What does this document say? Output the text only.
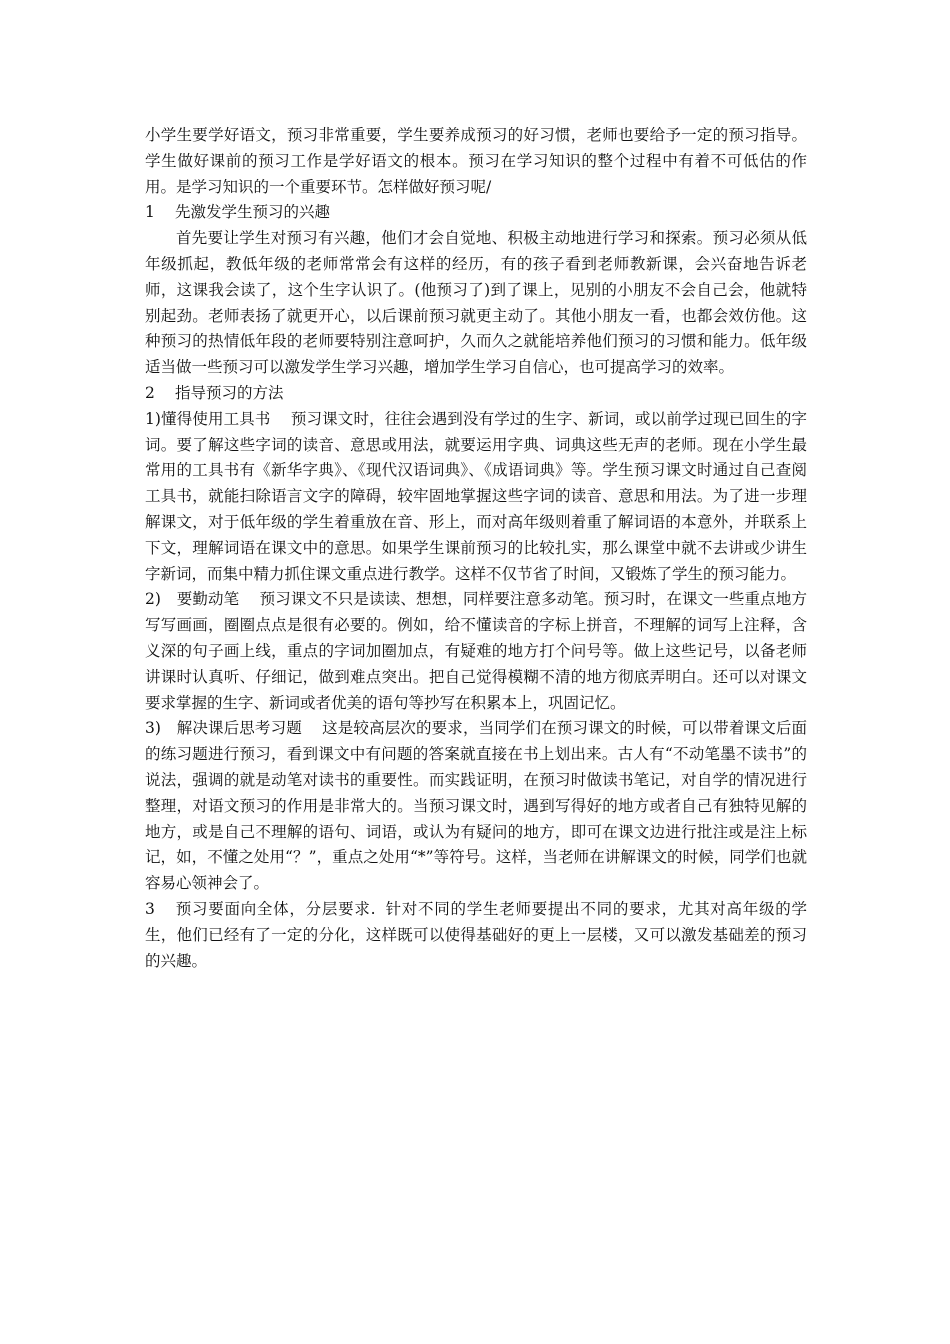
小学生要学好语文，预习非常重要，学生要养成预习的好习惯，老师也要给予一定的预习指导。学生做好课前的预习工作是学好语文的根本。预习在学习知识的整个过程中有着不可低估的作用。是学习知识的一个重要环节。怎样做好预习呢/

1 先激发学生预习的兴趣

首先要让学生对预习有兴趣，他们才会自觉地、积极主动地进行学习和探索。预习必须从低年级抓起，教低年级的老师常常会有这样的经历，有的孩子看到老师教新课，会兴奋地告诉老师，这课我会读了，这个生字认识了。(他预习了)到了课上，见别的小朋友不会自己会，他就特别起劲。老师表扬了就更开心，以后课前预习就更主动了。其他小朋友一看，也都会效仿他。这种预习的热情低年段的老师要特别注意呵护，久而久之就能培养他们预习的习惯和能力。低年级适当做一些预习可以激发学生学习兴趣，增加学生学习自信心，也可提高学习的效率。

2 指导预习的方法

1)懂得使用工具书 预习课文时，往往会遇到没有学过的生字、新词，或以前学过现已回生的字词。要了解这些字词的读音、意思或用法，就要运用字典、词典这些无声的老师。现在小学生最常用的工具书有《新华字典》、《现代汉语词典》、《成语词典》等。学生预习课文时通过自己查阅工具书，就能扫除语言文字的障碍，较牢固地掌握这些字词的读音、意思和用法。为了进一步理解课文，对于低年级的学生着重放在音、形上，而对高年级则着重了解词语的本意外，并联系上下文，理解词语在课文中的意思。如果学生课前预习的比较扎实，那么课堂中就不去讲或少讲生字新词，而集中精力抓住课文重点进行教学。这样不仅节省了时间，又锻炼了学生的预习能力。

2)　要勤动笔 预习课文不只是读读、想想，同样要注意多动笔。预习时，在课文一些重点地方写写画画，圈圈点点是很有必要的。例如，给不懂读音的字标上拼音，不理解的词写上注释，含义深的句子画上线，重点的字词加圈加点，有疑难的地方打个问号等。做上这些记号，以备老师讲课时认真听、仔细记，做到难点突出。把自己觉得模糊不清的地方彻底弄明白。还可以对课文要求掌握的生字、新词或者优美的语句等抄写在积累本上，巩固记忆。

3)　解决课后思考习题 这是较高层次的要求，当同学们在预习课文的时候，可以带着课文后面的练习题进行预习，看到课文中有问题的答案就直接在书上划出来。古人有“不动笔墨不读书”的说法，强调的就是动笔对读书的重要性。而实践证明，在预习时做读书笔记，对自学的情况进行整理，对语文预习的作用是非常大的。当预习课文时，遇到写得好的地方或者自己有独特见解的地方，或是自己不理解的语句、词语，或认为有疑问的地方，即可在课文边进行批注或是注上标记，如，不懂之处用“？”，重点之处用“*”等符号。这样，当老师在讲解课文的时候，同学们也就容易心领神会了。

3 预习要面向全体，分层要求. 针对不同的学生老师要提出不同的要求，尤其对高年级的学生，他们已经有了一定的分化，这样既可以使得基础好的更上一层楼，又可以激发基础差的预习的兴趣。
